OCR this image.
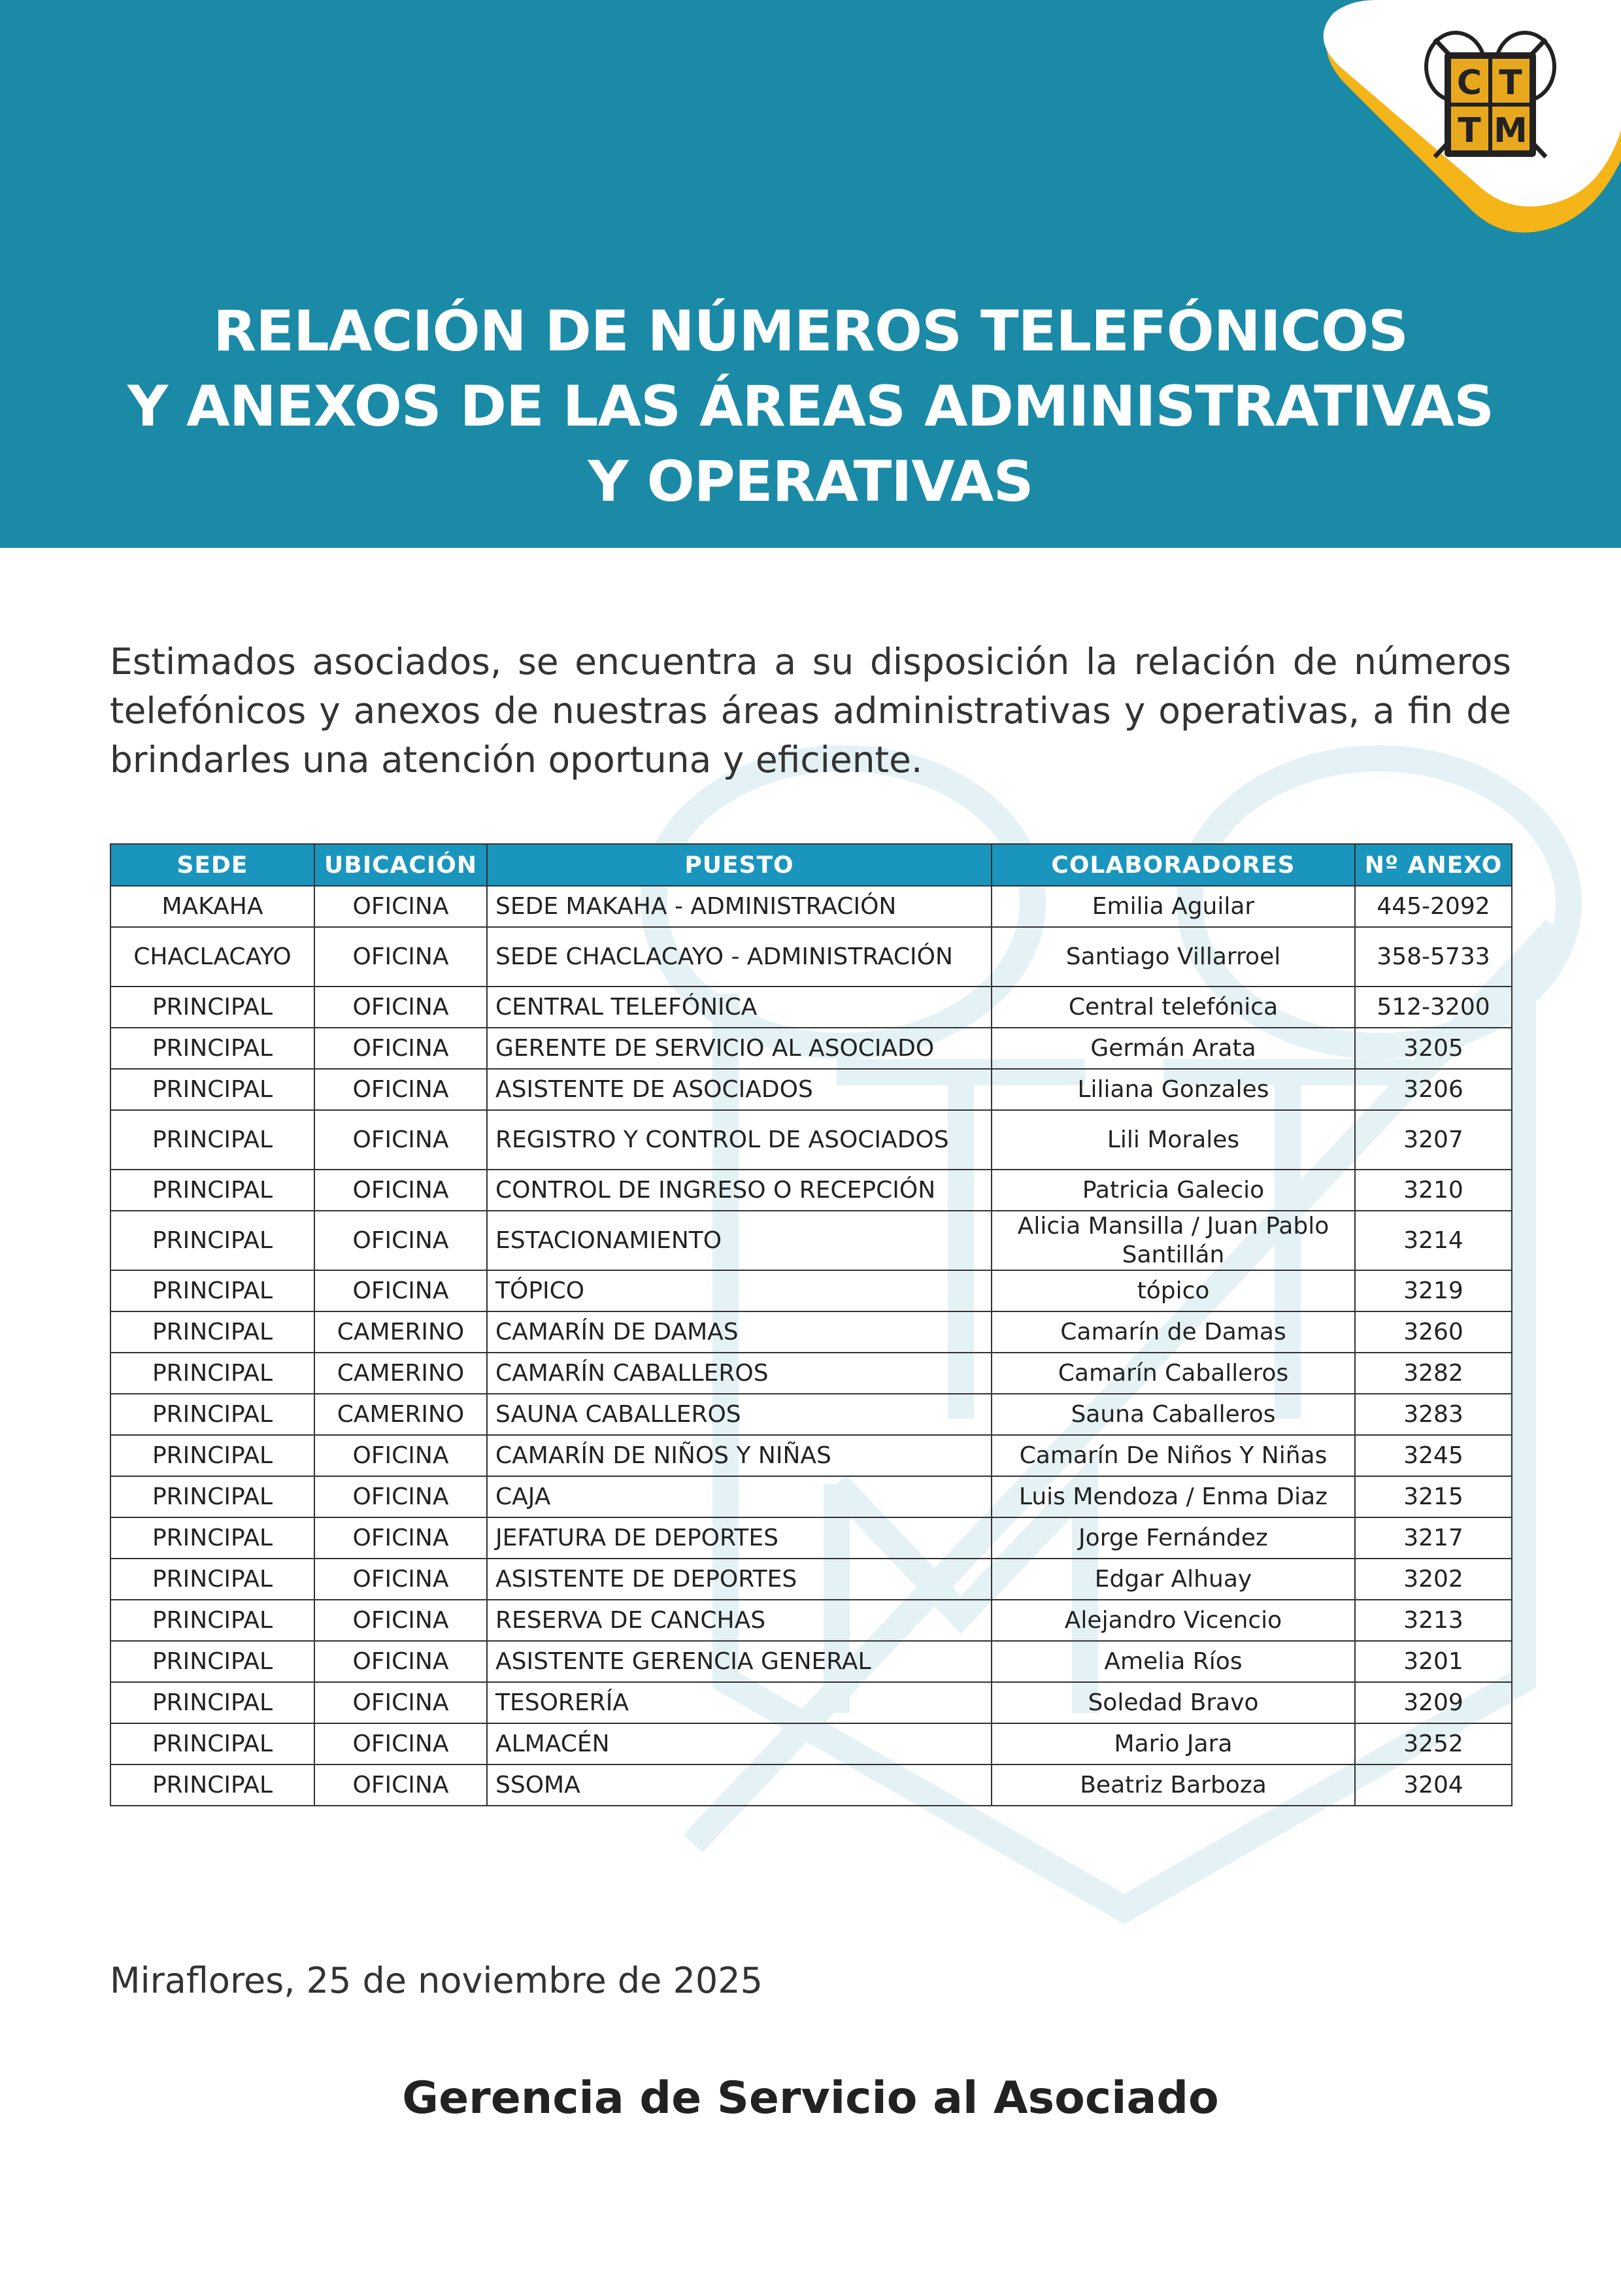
C T
T M
RELACIÓN DE NÚMEROS TELEFÓNICOS
Y ANEXOS DE LAS ÁREAS ADMINISTRATIVAS
Y OPERATIVAS

Estimados asociados, se encuentra a su disposición la relación de números telefónicos y anexos de nuestras áreas administrativas y operativas, a fin de brindarles una atención oportuna y eficiente.

SEDE	UBICACIÓN	PUESTO	COLABORADORES	Nº ANEXO
MAKAHA	OFICINA	SEDE MAKAHA - ADMINISTRACIÓN	Emilia Aguilar	445-2092
CHACLACAYO	OFICINA	SEDE CHACLACAYO - ADMINISTRACIÓN	Santiago Villarroel	358-5733
PRINCIPAL	OFICINA	CENTRAL TELEFÓNICA	Central telefónica	512-3200
PRINCIPAL	OFICINA	GERENTE DE SERVICIO AL ASOCIADO	Germán Arata	3205
PRINCIPAL	OFICINA	ASISTENTE DE ASOCIADOS	Liliana Gonzales	3206
PRINCIPAL	OFICINA	REGISTRO Y CONTROL DE ASOCIADOS	Lili Morales	3207
PRINCIPAL	OFICINA	CONTROL DE INGRESO O RECEPCIÓN	Patricia Galecio	3210
PRINCIPAL	OFICINA	ESTACIONAMIENTO	Alicia Mansilla / Juan Pablo Santillán	3214
PRINCIPAL	OFICINA	TÓPICO	tópico	3219
PRINCIPAL	CAMERINO	CAMARÍN DE DAMAS	Camarín de Damas	3260
PRINCIPAL	CAMERINO	CAMARÍN CABALLEROS	Camarín Caballeros	3282
PRINCIPAL	CAMERINO	SAUNA CABALLEROS	Sauna Caballeros	3283
PRINCIPAL	OFICINA	CAMARÍN DE NIÑOS Y NIÑAS	Camarín De Niños Y Niñas	3245
PRINCIPAL	OFICINA	CAJA	Luis Mendoza / Enma Diaz	3215
PRINCIPAL	OFICINA	JEFATURA DE DEPORTES	Jorge Fernández	3217
PRINCIPAL	OFICINA	ASISTENTE DE DEPORTES	Edgar Alhuay	3202
PRINCIPAL	OFICINA	RESERVA DE CANCHAS	Alejandro Vicencio	3213
PRINCIPAL	OFICINA	ASISTENTE GERENCIA GENERAL	Amelia Ríos	3201
PRINCIPAL	OFICINA	TESORERÍA	Soledad Bravo	3209
PRINCIPAL	OFICINA	ALMACÉN	Mario Jara	3252
PRINCIPAL	OFICINA	SSOMA	Beatriz Barboza	3204
Miraflores, 25 de noviembre de 2025
Gerencia de Servicio al Asociado
